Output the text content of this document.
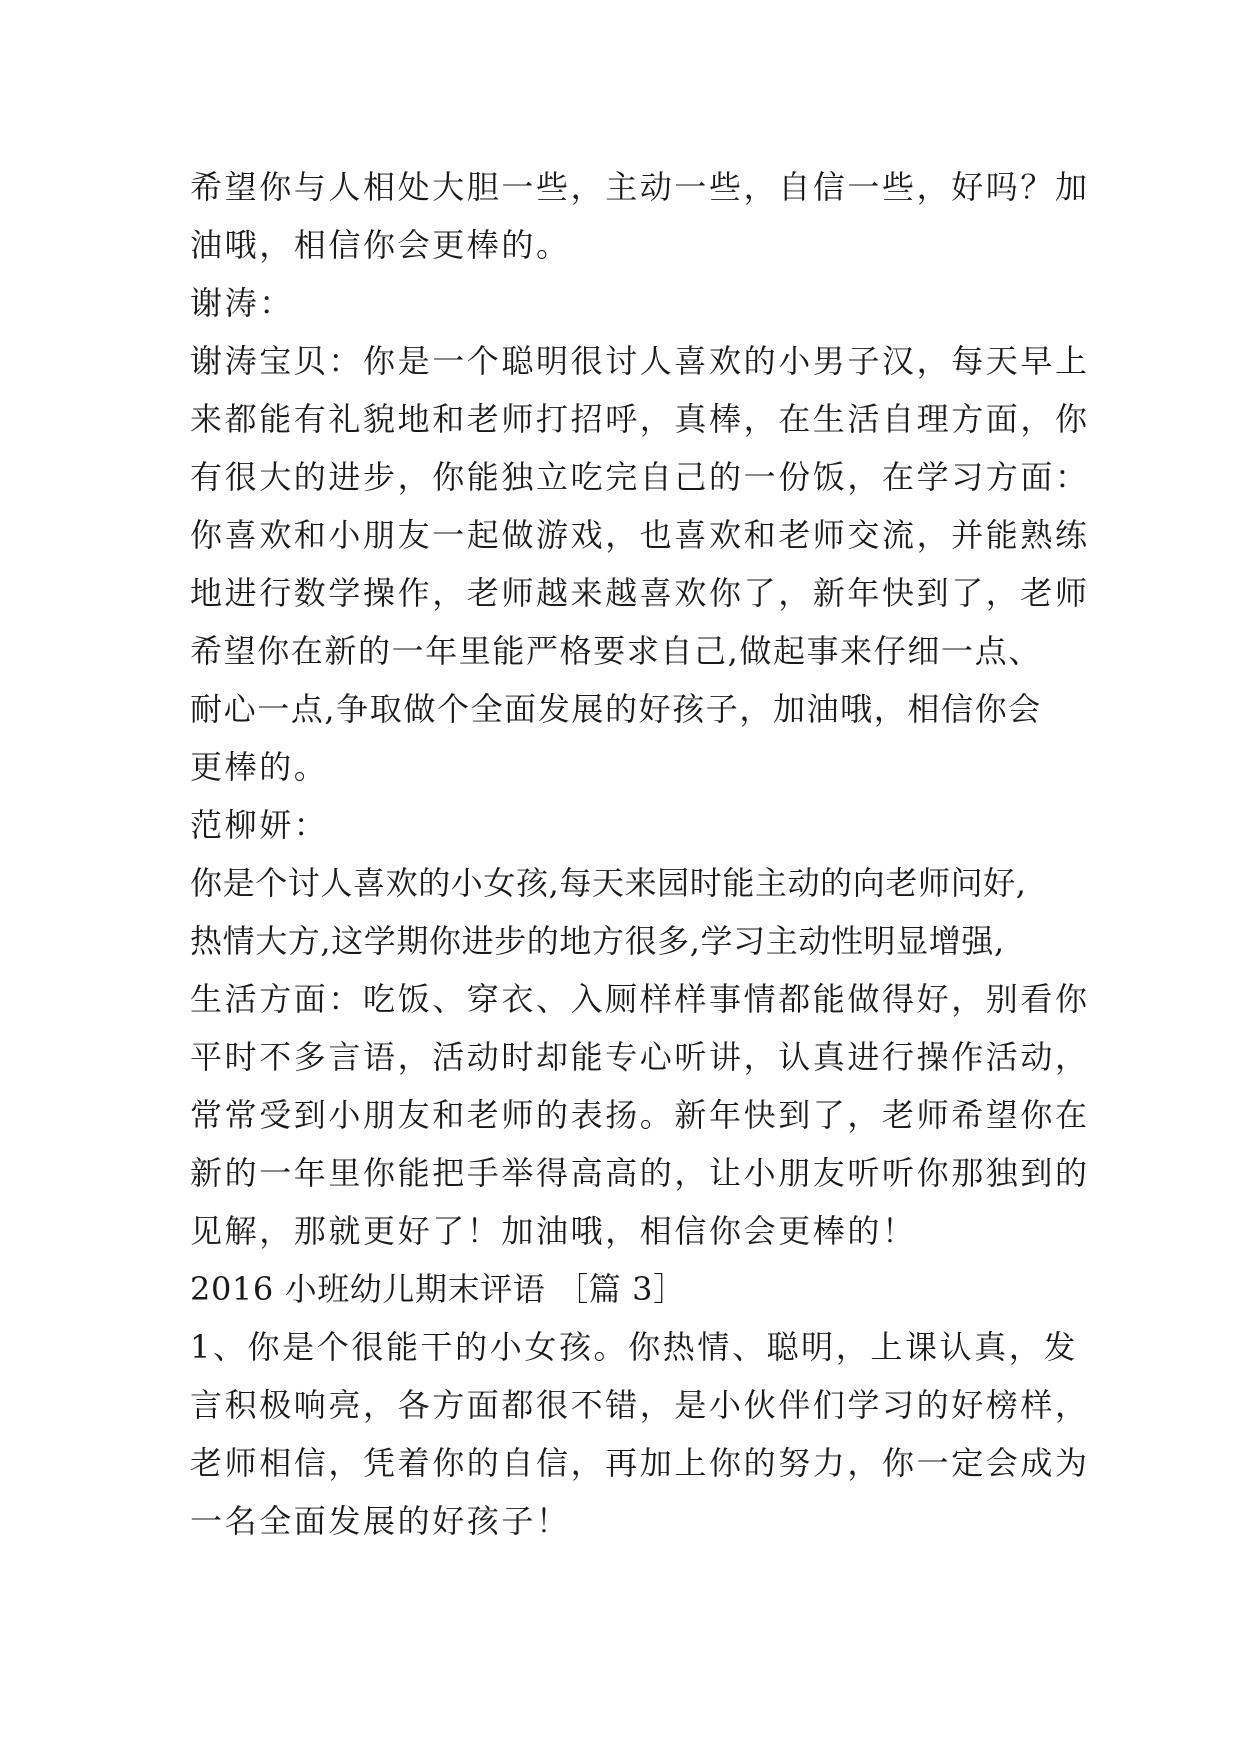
希望你与人相处大胆一些，主动一些，自信一些，好吗？加
油哦，相信你会更棒的。
谢涛：
谢涛宝贝：你是一个聪明很讨人喜欢的小男子汉，每天早上
来都能有礼貌地和老师打招呼，真棒，在生活自理方面，你
有很大的进步，你能独立吃完自己的一份饭，在学习方面：
你喜欢和小朋友一起做游戏，也喜欢和老师交流，并能熟练
地进行数学操作，老师越来越喜欢你了，新年快到了，老师
希望你在新的一年里能严格要求自己,做起事来仔细一点、
耐心一点,争取做个全面发展的好孩子，加油哦，相信你会
更棒的。
范柳妍：
你是个讨人喜欢的小女孩,每天来园时能主动的向老师问好,
热情大方,这学期你进步的地方很多,学习主动性明显增强,
生活方面：吃饭、穿衣、入厕样样事情都能做得好，别看你
平时不多言语，活动时却能专心听讲，认真进行操作活动，
常常受到小朋友和老师的表扬。新年快到了，老师希望你在
新的一年里你能把手举得高高的，让小朋友听听你那独到的
见解，那就更好了！加油哦，相信你会更棒的！
2016 小班幼儿期末评语 ［篇 3］
1、你是个很能干的小女孩。你热情、聪明，上课认真，发
言积极响亮，各方面都很不错，是小伙伴们学习的好榜样，
老师相信，凭着你的自信，再加上你的努力，你一定会成为
一名全面发展的好孩子！
